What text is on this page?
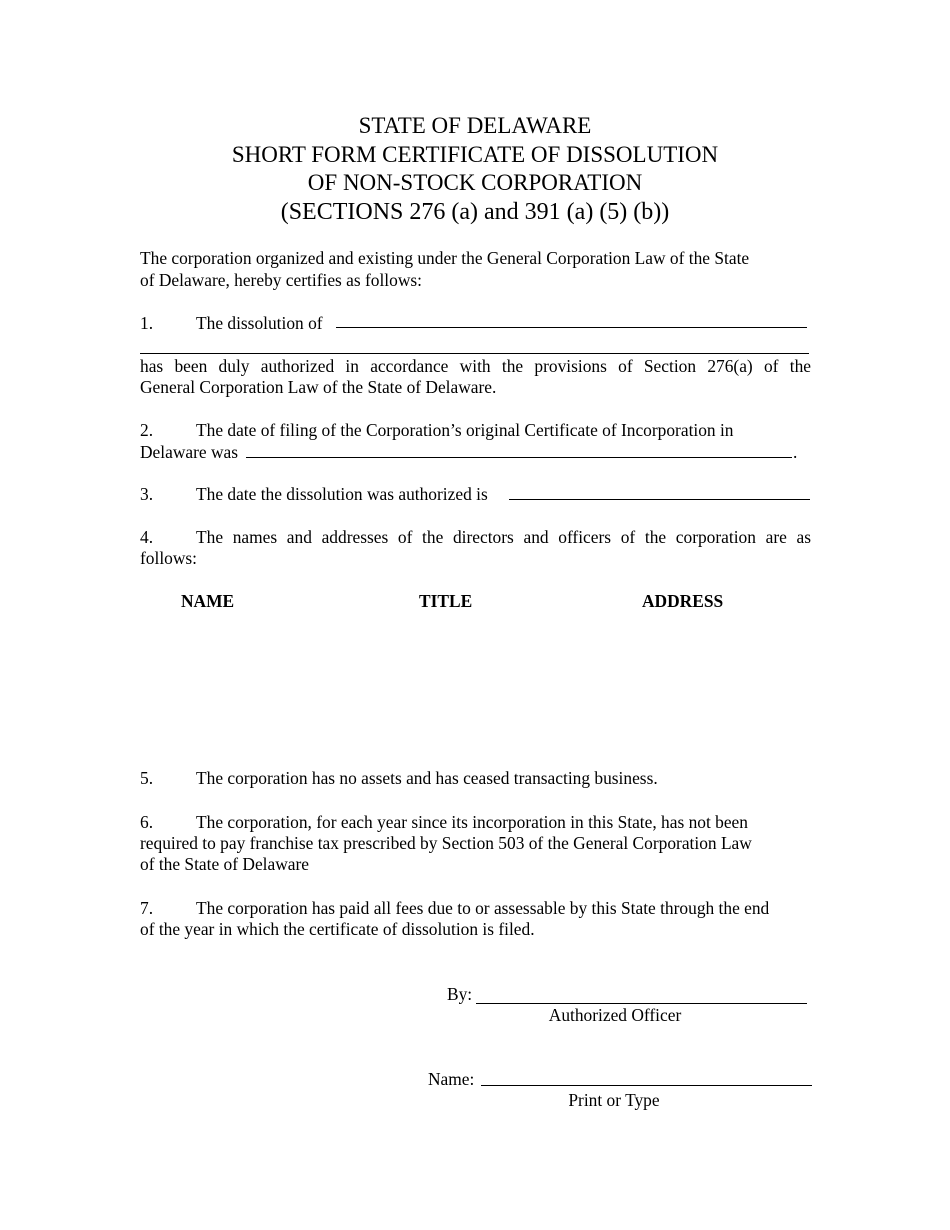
STATE OF DELAWARE
SHORT FORM CERTIFICATE OF DISSOLUTION
OF NON-STOCK CORPORATION
(SECTIONS 276 (a) and 391 (a) (5) (b))
The corporation organized and existing under the General Corporation Law of the State
of Delaware, hereby certifies as follows:
1. The dissolution of
has been duly authorized in accordance with the provisions of Section 276(a) of the
General Corporation Law of the State of Delaware.
2. The date of filing of the Corporation’s original Certificate of Incorporation in
Delaware was	.
3. The date the dissolution was authorized is
4. The names and addresses of the directors and officers of the corporation are as
follows:
NAME	TITLE	ADDRESS
5. The corporation has no assets and has ceased transacting business.
6. The corporation, for each year since its incorporation in this State, has not been
required to pay franchise tax prescribed by Section 503 of the General Corporation Law
of the State of Delaware
7. The corporation has paid all fees due to or assessable by this State through the end
of the year in which the certificate of dissolution is filed.
By:
Authorized Officer
Name:
Print or Type
